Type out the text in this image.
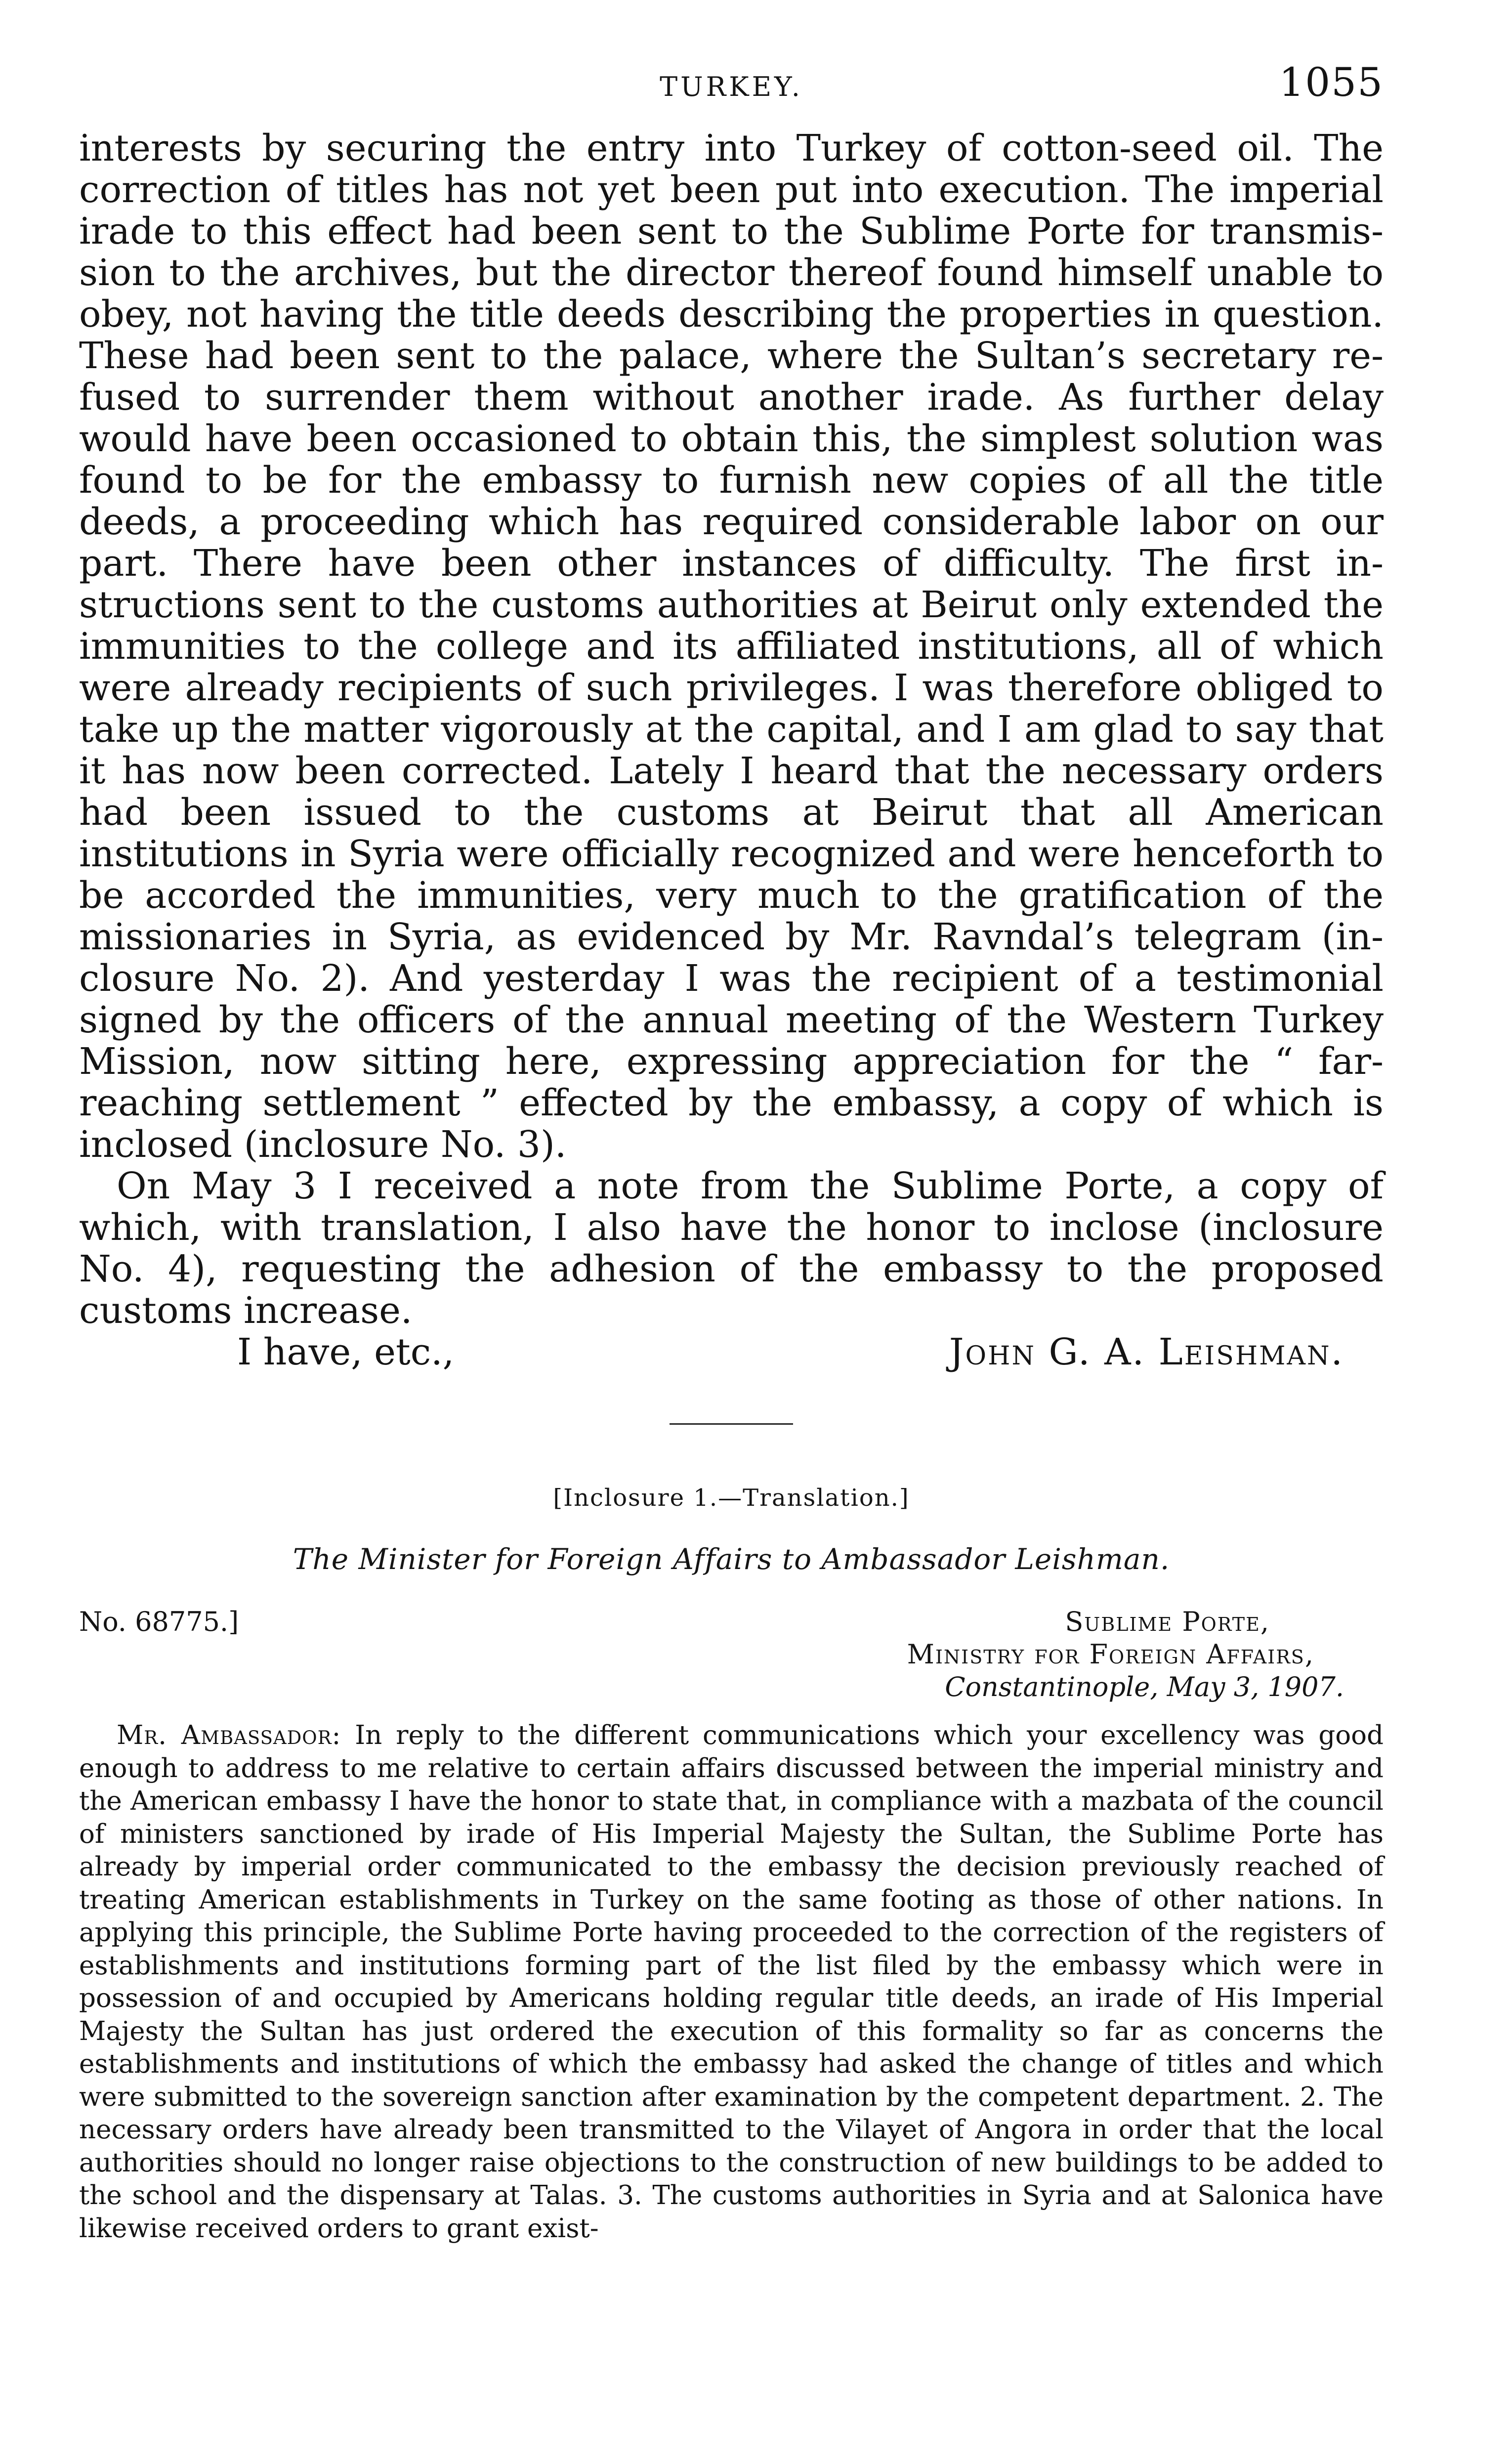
TURKEY.	1055

interests by securing the entry into Turkey of cotton-seed oil. The correction of titles has not yet been put into execution. The imperial irade to this effect had been sent to the Sublime Porte for transmission to the archives, but the director thereof found himself unable to obey, not having the title deeds describing the properties in question. These had been sent to the palace, where the Sultan’s secretary refused to surrender them without another irade. As further delay would have been occasioned to obtain this, the simplest solution was found to be for the embassy to furnish new copies of all the title deeds, a proceeding which has required considerable labor on our part. There have been other instances of difficulty. The first instructions sent to the customs authorities at Beirut only extended the immunities to the college and its affiliated institutions, all of which were already recipients of such privileges. I was therefore obliged to take up the matter vigorously at the capital, and I am glad to say that it has now been corrected. Lately I heard that the necessary orders had been issued to the customs at Beirut that all American institutions in Syria were officially recognized and were henceforth to be accorded the immunities, very much to the gratification of the missionaries in Syria, as evidenced by Mr. Ravndal’s telegram (inclosure No. 2). And yesterday I was the recipient of a testimonial signed by the officers of the annual meeting of the Western Turkey Mission, now sitting here, expressing appreciation for the “ far-reaching settlement ” effected by the embassy, a copy of which is inclosed (inclosure No. 3).

On May 3 I received a note from the Sublime Porte, a copy of which, with translation, I also have the honor to inclose (inclosure No. 4), requesting the adhesion of the embassy to the proposed customs increase.

I have, etc.,	John G. A. Leishman.
[Inclosure 1.—Translation.]
The Minister for Foreign Affairs to Ambassador Leishman.
No. 68775.]	Sublime Porte,
Ministry for Foreign Affairs,
Constantinople, May 3, 1907.

Mr. Ambassador: In reply to the different communications which your excellency was good enough to address to me relative to certain affairs discussed between the imperial ministry and the American embassy I have the honor to state that, in compliance with a mazbata of the council of ministers sanctioned by irade of His Imperial Majesty the Sultan, the Sublime Porte has already by imperial order communicated to the embassy the decision previously reached of treating American establishments in Turkey on the same footing as those of other nations. In applying this principle, the Sublime Porte having proceeded to the correction of the registers of establishments and institutions forming part of the list filed by the embassy which were in possession of and occupied by Americans holding regular title deeds, an irade of His Imperial Majesty the Sultan has just ordered the execution of this formality so far as concerns the establishments and institutions of which the embassy had asked the change of titles and which were submitted to the sovereign sanction after examination by the competent department. 2. The necessary orders have already been transmitted to the Vilayet of Angora in order that the local authorities should no longer raise objections to the construction of new buildings to be added to the school and the dispensary at Talas. 3. The customs authorities in Syria and at Salonica have likewise received orders to grant exist-
